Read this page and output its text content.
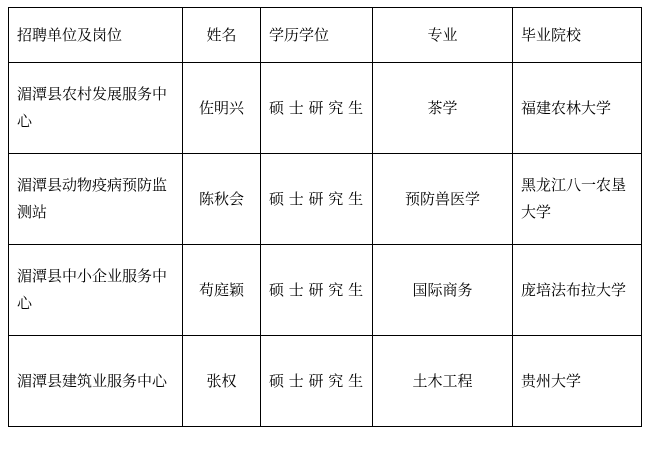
招聘单位及岗位	姓名	学历学位	专业	毕业院校

湄潭县农村发展服务中心	佐明兴	硕 士 研 究 生	茶学	福建农林大学

湄潭县动物疫病预防监测站	陈秋会	硕 士 研 究 生	预防兽医学	黑龙江八一农垦大学

湄潭县中小企业服务中心	苟庭颖	硕 士 研 究 生	国际商务	庞培法布拉大学

湄潭县建筑业服务中心	张权	硕 士 研 究 生	土木工程	贵州大学
